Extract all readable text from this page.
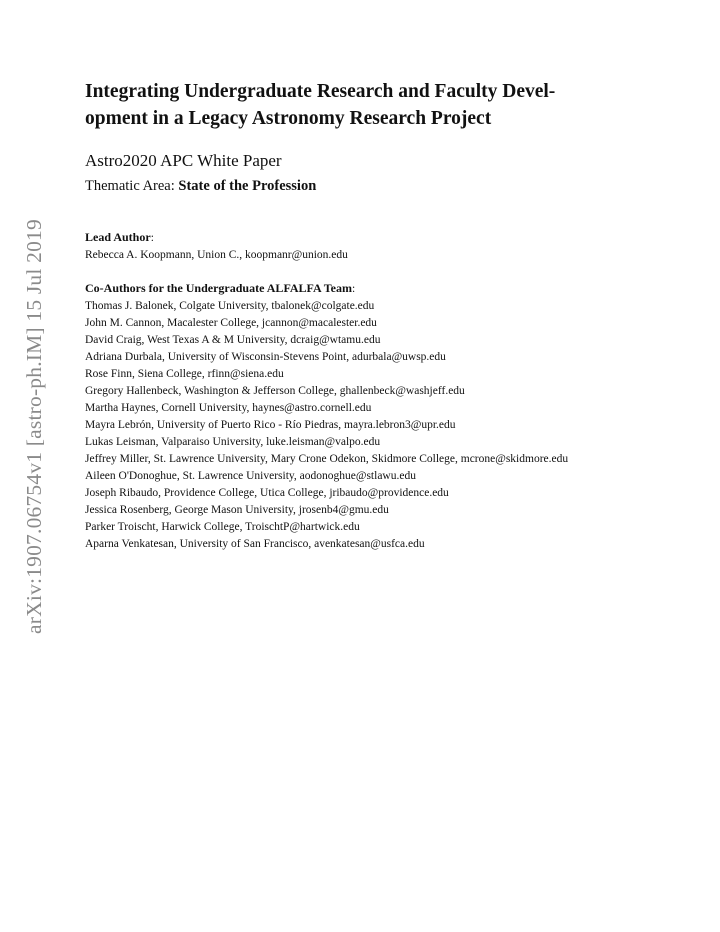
arXiv:1907.06754v1 [astro-ph.IM] 15 Jul 2019
Integrating Undergraduate Research and Faculty Devel-
opment in a Legacy Astronomy Research Project
Astro2020 APC White Paper
Thematic Area: State of the Profession
Lead Author:
Rebecca A. Koopmann, Union C., koopmanr@union.edu
Co-Authors for the Undergraduate ALFALFA Team:
Thomas J. Balonek, Colgate University, tbalonek@colgate.edu
John M. Cannon, Macalester College, jcannon@macalester.edu
David Craig, West Texas A & M University, dcraig@wtamu.edu
Adriana Durbala, University of Wisconsin-Stevens Point, adurbala@uwsp.edu
Rose Finn, Siena College, rfinn@siena.edu
Gregory Hallenbeck, Washington & Jefferson College, ghallenbeck@washjeff.edu
Martha Haynes, Cornell University, haynes@astro.cornell.edu
Mayra Lebrón, University of Puerto Rico - Río Piedras, mayra.lebron3@upr.edu
Lukas Leisman, Valparaiso University, luke.leisman@valpo.edu
Jeffrey Miller, St. Lawrence University, Mary Crone Odekon, Skidmore College, mcrone@skidmore.edu
Aileen O'Donoghue, St. Lawrence University, aodonoghue@stlawu.edu
Joseph Ribaudo, Providence College, Utica College, jribaudo@providence.edu
Jessica Rosenberg, George Mason University, jrosenb4@gmu.edu
Parker Troischt, Harwick College, TroischtP@hartwick.edu
Aparna Venkatesan, University of San Francisco, avenkatesan@usfca.edu
